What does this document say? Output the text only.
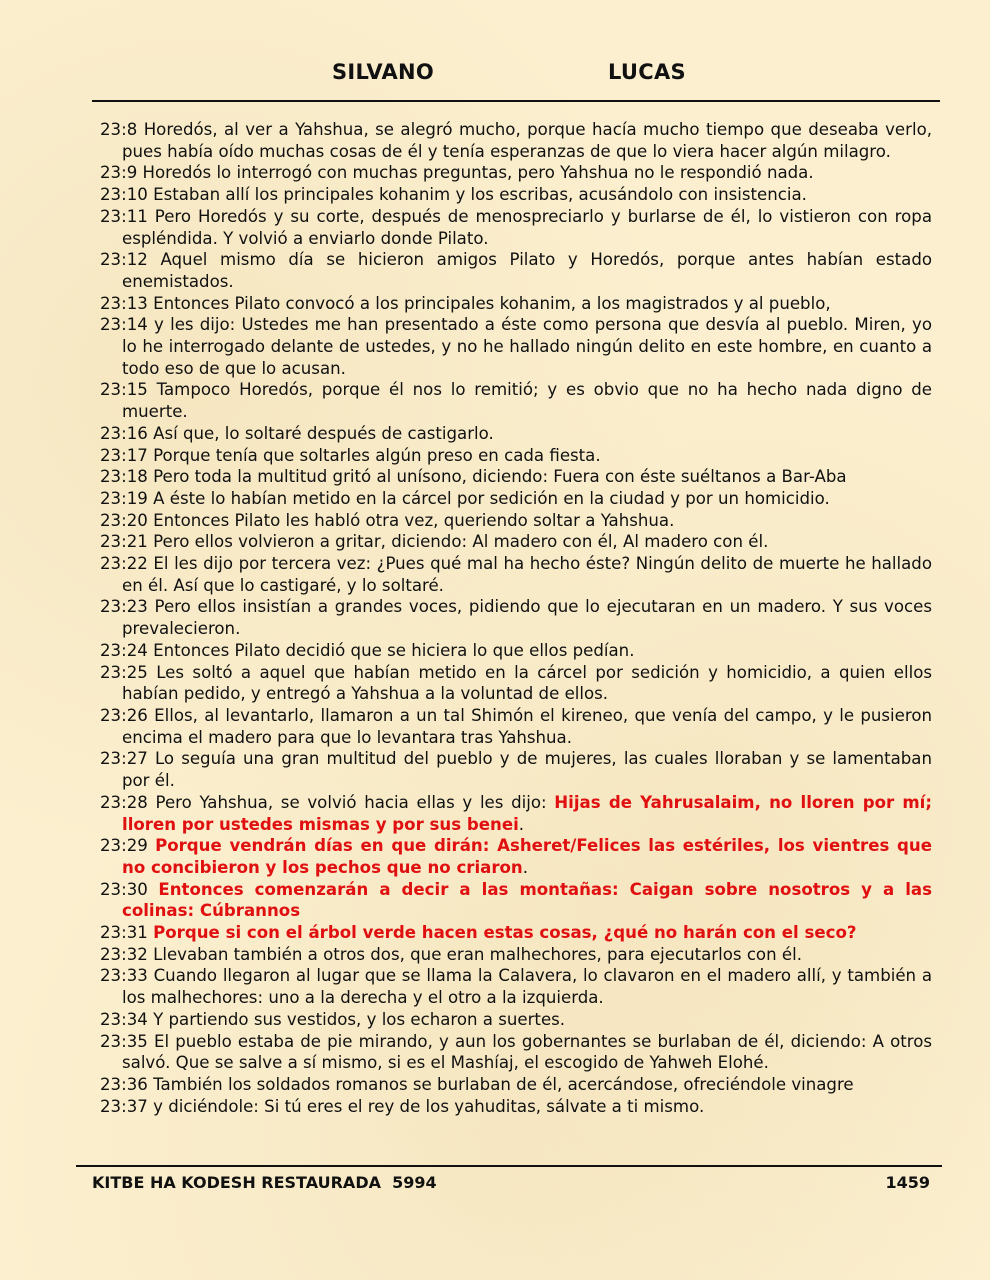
SILVANO	LUCAS
23:8 Horedós, al ver a Yahshua, se alegró mucho, porque hacía mucho tiempo que deseaba verlo, pues había oído muchas cosas de él y tenía esperanzas de que lo viera hacer algún milagro.
23:9 Horedós lo interrogó con muchas preguntas, pero Yahshua no le respondió nada.
23:10 Estaban allí los principales kohanim y los escribas, acusándolo con insistencia.
23:11 Pero Horedós y su corte, después de menospreciarlo y burlarse de él, lo vistieron con ropa espléndida. Y volvió a enviarlo donde Pilato.
23:12 Aquel mismo día se hicieron amigos Pilato y Horedós, porque antes habían estado enemistados.
23:13 Entonces Pilato convocó a los principales kohanim, a los magistrados y al pueblo,
23:14 y les dijo: Ustedes me han presentado a éste como persona que desvía al pueblo. Miren, yo lo he interrogado delante de ustedes, y no he hallado ningún delito en este hombre, en cuanto a todo eso de que lo acusan.
23:15 Tampoco Horedós, porque él nos lo remitió; y es obvio que no ha hecho nada digno de muerte.
23:16 Así que, lo soltaré después de castigarlo.
23:17 Porque tenía que soltarles algún preso en cada fiesta.
23:18 Pero toda la multitud gritó al unísono, diciendo: Fuera con éste suéltanos a Bar-Aba
23:19 A éste lo habían metido en la cárcel por sedición en la ciudad y por un homicidio.
23:20 Entonces Pilato les habló otra vez, queriendo soltar a Yahshua.
23:21 Pero ellos volvieron a gritar, diciendo: Al madero con él, Al madero con él.
23:22 El les dijo por tercera vez: ¿Pues qué mal ha hecho éste? Ningún delito de muerte he hallado en él. Así que lo castigaré, y lo soltaré.
23:23 Pero ellos insistían a grandes voces, pidiendo que lo ejecutaran en un madero. Y sus voces prevalecieron.
23:24 Entonces Pilato decidió que se hiciera lo que ellos pedían.
23:25 Les soltó a aquel que habían metido en la cárcel por sedición y homicidio, a quien ellos habían pedido, y entregó a Yahshua a la voluntad de ellos.
23:26 Ellos, al levantarlo, llamaron a un tal Shimón el kireneo, que venía del campo, y le pusieron encima el madero para que lo levantara tras Yahshua.
23:27 Lo seguía una gran multitud del pueblo y de mujeres, las cuales lloraban y se lamentaban por él.
23:28 Pero Yahshua, se volvió hacia ellas y les dijo: Hijas de Yahrusalaim, no lloren por mí; lloren por ustedes mismas y por sus benei.
23:29 Porque vendrán días en que dirán: Asheret/Felices las estériles, los vientres que no concibieron y los pechos que no criaron.
23:30 Entonces comenzarán a decir a las montañas: Caigan sobre nosotros y a las colinas: Cúbrannos
23:31 Porque si con el árbol verde hacen estas cosas, ¿qué no harán con el seco?
23:32 Llevaban también a otros dos, que eran malhechores, para ejecutarlos con él.
23:33 Cuando llegaron al lugar que se llama la Calavera, lo clavaron en el madero allí, y también a los malhechores: uno a la derecha y el otro a la izquierda.
23:34 Y partiendo sus vestidos, y los echaron a suertes.
23:35 El pueblo estaba de pie mirando, y aun los gobernantes se burlaban de él, diciendo: A otros salvó. Que se salve a sí mismo, si es el Mashíaj, el escogido de Yahweh Elohé.
23:36 También los soldados romanos se burlaban de él, acercándose, ofreciéndole vinagre
23:37 y diciéndole: Si tú eres el rey de los yahuditas, sálvate a ti mismo.
KITBE HA KODESH RESTAURADA  5994	1459
